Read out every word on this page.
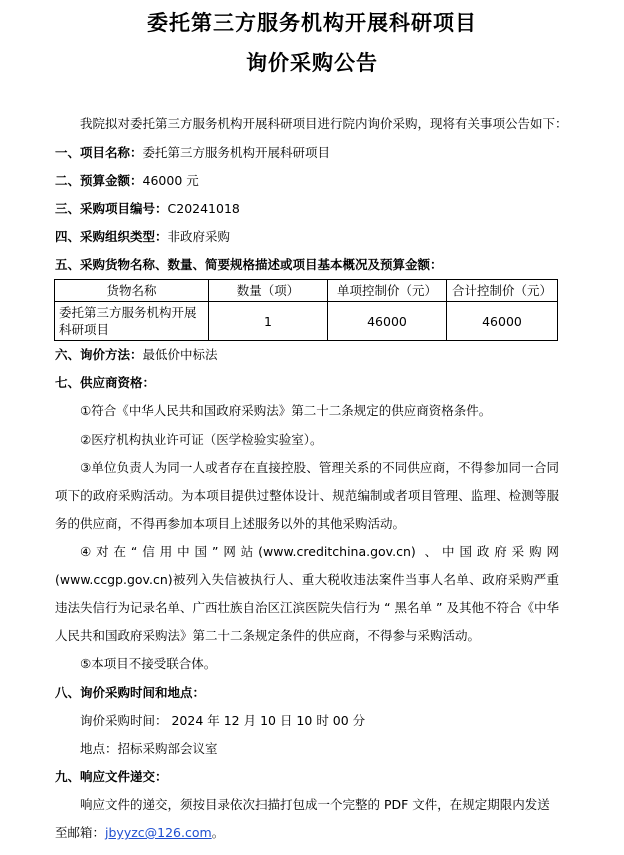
委托第三方服务机构开展科研项目
询价采购公告
我院拟对委托第三方服务机构开展科研项目进行院内询价采购，现将有关事项公告如下：
一、项目名称：委托第三方服务机构开展科研项目
二、预算金额：46000 元
三、采购项目编号：C20241018
四、采购组织类型：非政府采购
五、采购货物名称、数量、简要规格描述或项目基本概况及预算金额：
货物名称	数量（项）	单项控制价（元）	合计控制价（元）
委托第三方服务机构开展科研项目	1	46000	46000
六、询价方法：最低价中标法
七、供应商资格：
①符合《中华人民共和国政府采购法》第二十二条规定的供应商资格条件。
②医疗机构执业许可证（医学检验实验室）。
③单位负责人为同一人或者存在直接控股、管理关系的不同供应商，不得参加同一合同项下的政府采购活动。为本项目提供过整体设计、规范编制或者项目管理、监理、检测等服务的供应商，不得再参加本项目上述服务以外的其他采购活动。
④对在“信用中国”网站(www.creditchina.gov.cn) 、中国政府采购网(www.ccgp.gov.cn)被列入失信被执行人、重大税收违法案件当事人名单、政府采购严重违法失信行为记录名单、广西壮族自治区江滨医院失信行为 “ 黑名单 ” 及其他不符合《中华人民共和国政府采购法》第二十二条规定条件的供应商，不得参与采购活动。
⑤本项目不接受联合体。
八、询价采购时间和地点：
询价采购时间： 2024 年 12 月 10 日 10 时 00 分
地点：招标采购部会议室
九、响应文件递交：
响应文件的递交，须按目录依次扫描打包成一个完整的 PDF 文件，在规定期限内发送
至邮箱：jbyyzc@126.com。
